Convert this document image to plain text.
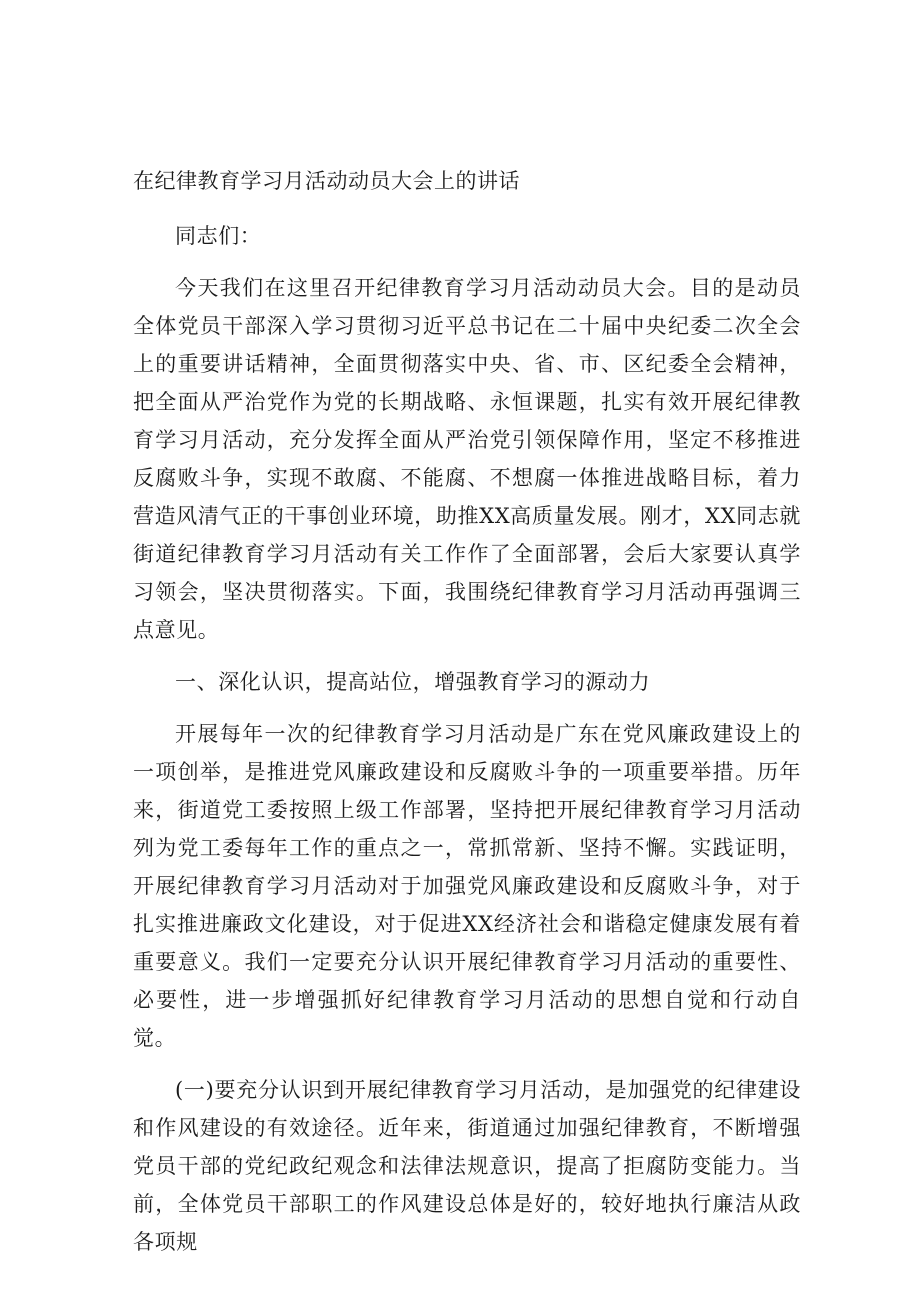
在纪律教育学习月活动动员大会上的讲话

同志们：

今天我们在这里召开纪律教育学习月活动动员大会。目的是动员全体党员干部深入学习贯彻习近平总书记在二十届中央纪委二次全会上的重要讲话精神，全面贯彻落实中央、省、市、区纪委全会精神，把全面从严治党作为党的长期战略、永恒课题，扎实有效开展纪律教育学习月活动，充分发挥全面从严治党引领保障作用，坚定不移推进反腐败斗争，实现不敢腐、不能腐、不想腐一体推进战略目标，着力营造风清气正的干事创业环境，助推XX高质量发展。刚才，XX同志就街道纪律教育学习月活动有关工作作了全面部署，会后大家要认真学习领会，坚决贯彻落实。下面，我围绕纪律教育学习月活动再强调三点意见。

一、深化认识，提高站位，增强教育学习的源动力

开展每年一次的纪律教育学习月活动是广东在党风廉政建设上的一项创举，是推进党风廉政建设和反腐败斗争的一项重要举措。历年来，街道党工委按照上级工作部署，坚持把开展纪律教育学习月活动列为党工委每年工作的重点之一，常抓常新、坚持不懈。实践证明，开展纪律教育学习月活动对于加强党风廉政建设和反腐败斗争，对于扎实推进廉政文化建设，对于促进XX经济社会和谐稳定健康发展有着重要意义。我们一定要充分认识开展纪律教育学习月活动的重要性、必要性，进一步增强抓好纪律教育学习月活动的思想自觉和行动自觉。

(一)要充分认识到开展纪律教育学习月活动，是加强党的纪律建设和作风建设的有效途径。近年来，街道通过加强纪律教育，不断增强党员干部的党纪政纪观念和法律法规意识，提高了拒腐防变能力。当前，全体党员干部职工的作风建设总体是好的，较好地执行廉洁从政各项规
